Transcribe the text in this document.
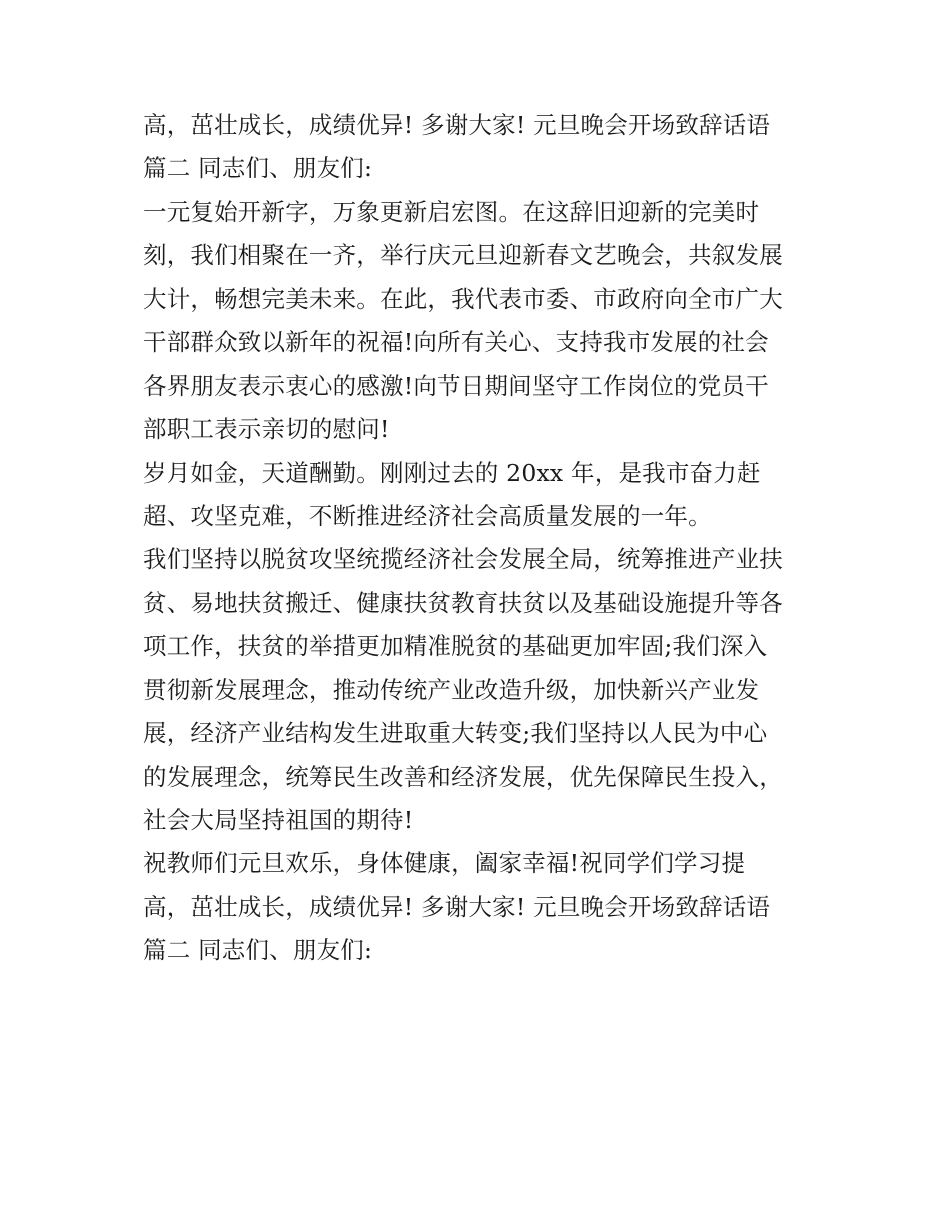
高，茁壮成长，成绩优异! 多谢大家! 元旦晚会开场致辞话语
篇二 同志们、朋友们:
一元复始开新字，万象更新启宏图。在这辞旧迎新的完美时
刻，我们相聚在一齐，举行庆元旦迎新春文艺晚会，共叙发展
大计，畅想完美未来。在此，我代表市委、市政府向全市广大
干部群众致以新年的祝福!向所有关心、支持我市发展的社会
各界朋友表示衷心的感激!向节日期间坚守工作岗位的党员干
部职工表示亲切的慰问!
岁月如金，天道酬勤。刚刚过去的 20xx 年，是我市奋力赶
超、攻坚克难，不断推进经济社会高质量发展的一年。
我们坚持以脱贫攻坚统揽经济社会发展全局，统筹推进产业扶
贫、易地扶贫搬迁、健康扶贫教育扶贫以及基础设施提升等各
项工作，扶贫的举措更加精准脱贫的基础更加牢固;我们深入
贯彻新发展理念，推动传统产业改造升级，加快新兴产业发
展，经济产业结构发生进取重大转变;我们坚持以人民为中心
的发展理念，统筹民生改善和经济发展，优先保障民生投入，
社会大局坚持祖国的期待!
祝教师们元旦欢乐，身体健康，阖家幸福!祝同学们学习提
高，茁壮成长，成绩优异! 多谢大家! 元旦晚会开场致辞话语
篇二 同志们、朋友们:
